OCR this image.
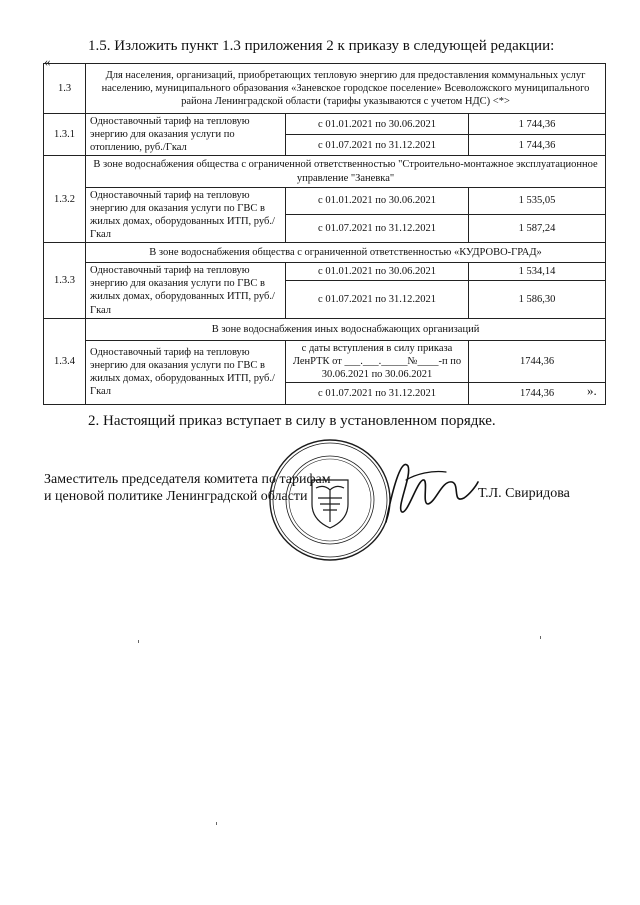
1.5. Изложить пункт 1.3 приложения 2 к приказу в следующей редакции:
«
1.3	Для населения, организаций, приобретающих тепловую энергию для предоставления коммунальных услуг населению, муниципального образования «Заневское городское поселение» Всеволожского муниципального района Ленинградской области (тарифы указываются с учетом НДС) <*>		
1.3.1	Одноставочный тариф на тепловую энергию для оказания услуги по отоплению, руб./Гкал	с 01.01.2021 по 30.06.2021	1 744,36
		с 01.07.2021 по 31.12.2021	1 744,36
1.3.2	В зоне водоснабжения общества с ограниченной ответственностью "Строительно-монтажное эксплуатационное управление "Заневка"		
	Одноставочный тариф на тепловую энергию для оказания услуги по ГВС в жилых домах, оборудованных ИТП, руб./Гкал	с 01.01.2021 по 30.06.2021	1 535,05
		с 01.07.2021 по 31.12.2021	1 587,24
1.3.3	В зоне водоснабжения общества с ограниченной ответственностью «КУДРОВО-ГРАД»		
	Одноставочный тариф на тепловую энергию для оказания услуги по ГВС в жилых домах, оборудованных ИТП, руб./Гкал	с 01.01.2021 по 30.06.2021	1 534,14
		с 01.07.2021 по 31.12.2021	1 586,30
1.3.4	В зоне водоснабжения иных водоснабжающих организаций		
	Одноставочный тариф на тепловую энергию для оказания услуги по ГВС в жилых домах, оборудованных ИТП, руб./Гкал	с даты вступления в силу приказа ЛенРТК от ___.___._____№____-п по 30.06.2021 по 30.06.2021	1744,36
		с 01.07.2021 по 31.12.2021	1744,36	».
2. Настоящий приказ вступает в силу в установленном порядке.
Заместитель председателя комитета по тарифам
и ценовой политике Ленинградской области	Т.Л. Свиридова
